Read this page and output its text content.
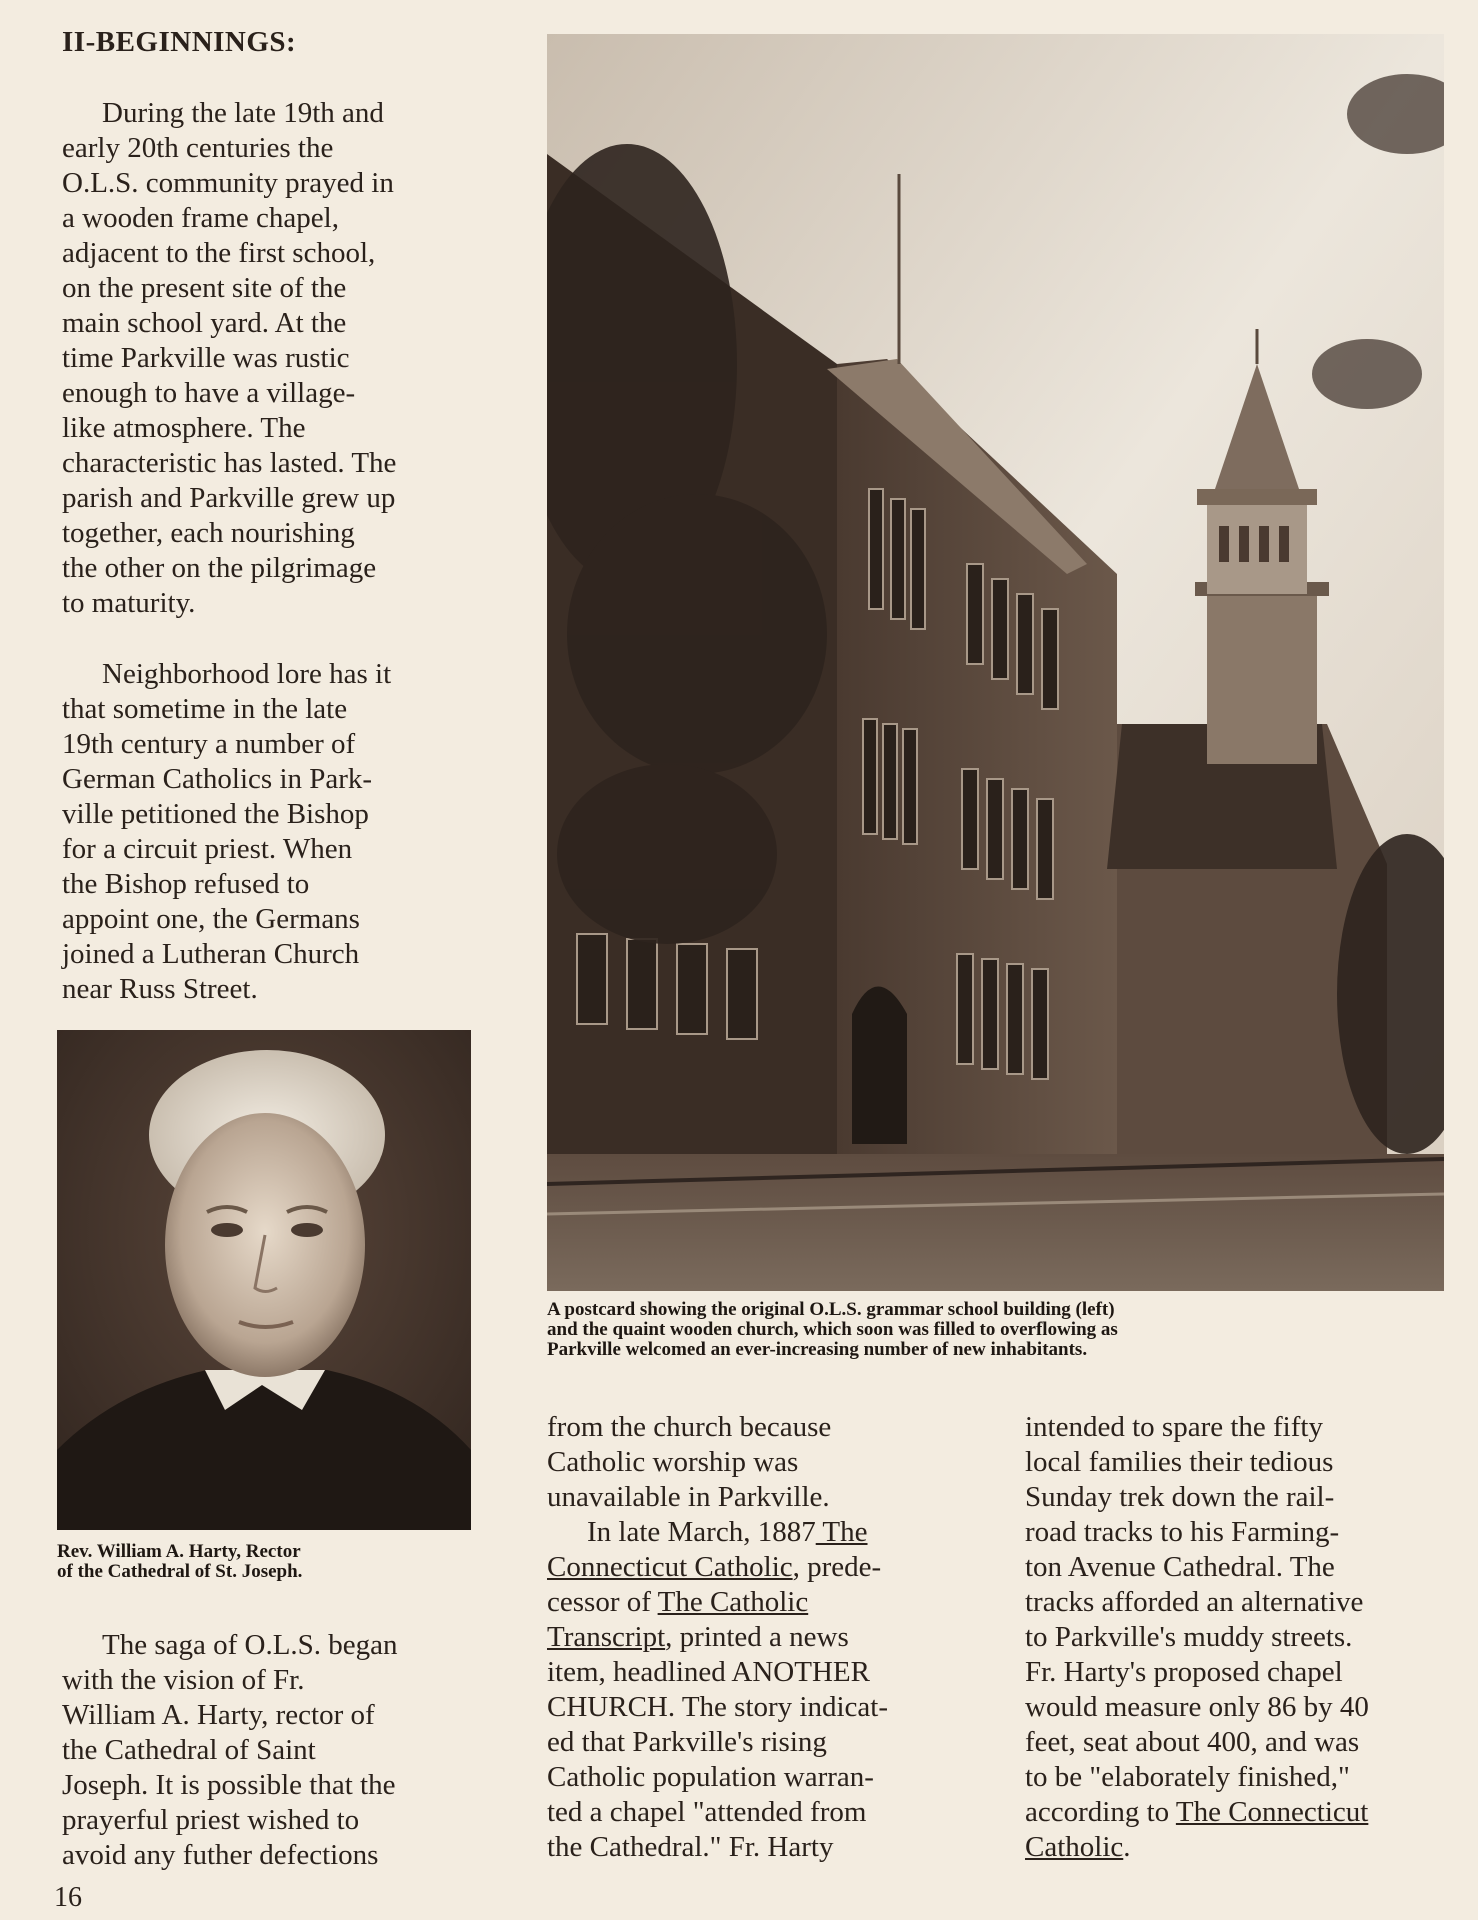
II-BEGINNINGS:
During the late 19th and
early 20th centuries the
O.L.S. community prayed in
a wooden frame chapel,
adjacent to the first school,
on the present site of the
main school yard. At the
time Parkville was rustic
enough to have a village-
like atmosphere. The
characteristic has lasted. The
parish and Parkville grew up
together, each nourishing
the other on the pilgrimage
to maturity.
Neighborhood lore has it
that sometime in the late
19th century a number of
German Catholics in Park-
ville petitioned the Bishop
for a circuit priest. When
the Bishop refused to
appoint one, the Germans
joined a Lutheran Church
near Russ Street.
Rev. William A. Harty, Rector
of the Cathedral of St. Joseph.
The saga of O.L.S. began
with the vision of Fr.
William A. Harty, rector of
the Cathedral of Saint
Joseph. It is possible that the
prayerful priest wished to
avoid any futher defections
A postcard showing the original O.L.S. grammar school building (left)
and the quaint wooden church, which soon was filled to overflowing as
Parkville welcomed an ever-increasing number of new inhabitants.
from the church because
Catholic worship was
unavailable in Parkville.
In late March, 1887 The
Connecticut Catholic, prede-
cessor of The Catholic
Transcript, printed a news
item, headlined ANOTHER
CHURCH. The story indicat-
ed that Parkville's rising
Catholic population warran-
ted a chapel "attended from
the Cathedral." Fr. Harty
intended to spare the fifty
local families their tedious
Sunday trek down the rail-
road tracks to his Farming-
ton Avenue Cathedral. The
tracks afforded an alternative
to Parkville's muddy streets.
Fr. Harty's proposed chapel
would measure only 86 by 40
feet, seat about 400, and was
to be "elaborately finished,"
according to The Connecticut
Catholic.
16
